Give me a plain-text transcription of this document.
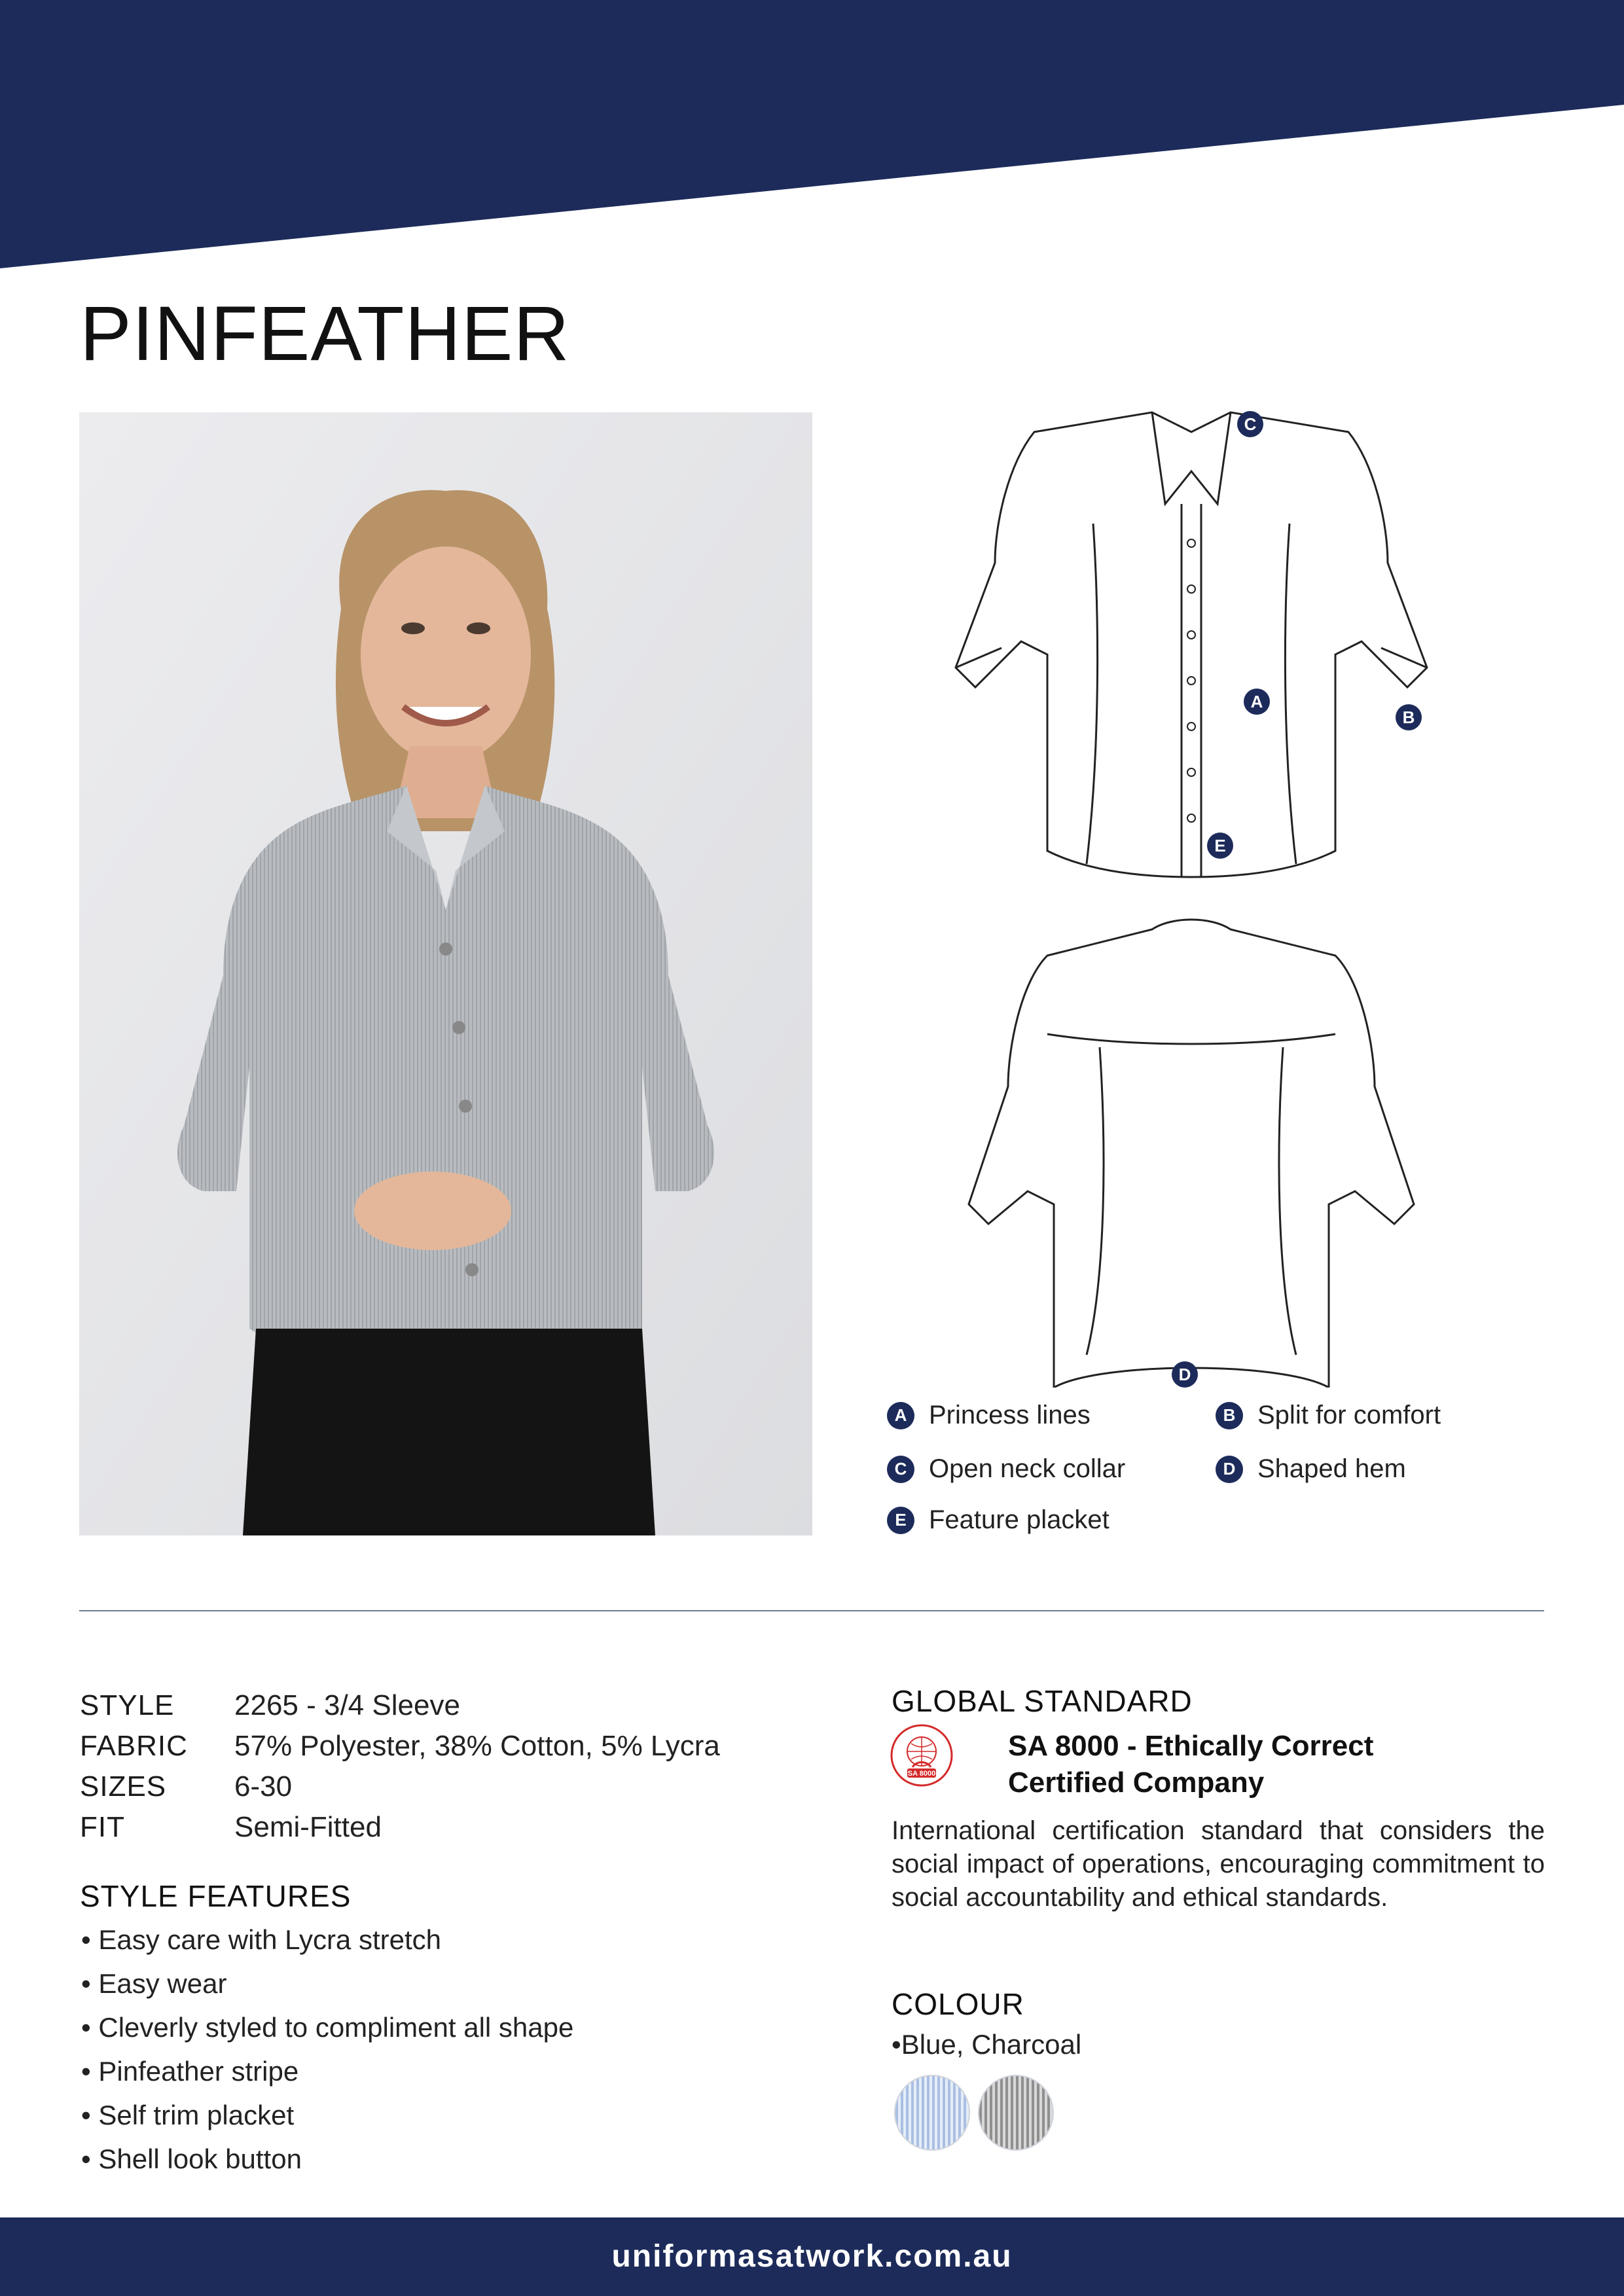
PINFEATHER
C
A
B
E
D
A Princess lines	B Split for comfort
C Open neck collar	D Shaped hem
E Feature placket
STYLE 2265 - 3/4 Sleeve
FABRIC 57% Polyester, 38% Cotton, 5% Lycra
SIZES 6-30
FIT	Semi-Fitted
STYLE FEATURES
• Easy care with Lycra stretch
• Easy wear
• Cleverly styled to compliment all shape
• Pinfeather stripe
• Self trim placket
• Shell look button
GLOBAL STANDARD
SA 8000
SA 8000 - Ethically Correct
Certified Company
International certification standard that considers the social impact of operations, encouraging commitment to social accountability and ethical standards.
COLOUR
•Blue, Charcoal
uniformasatwork.com.au
